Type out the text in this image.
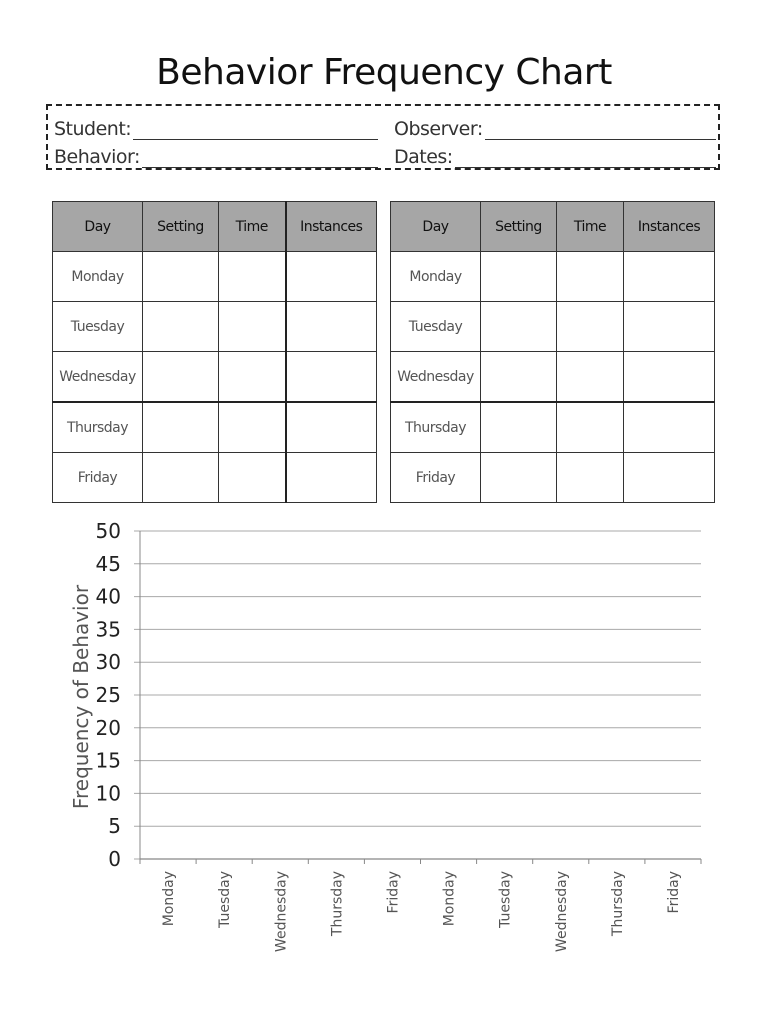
Behavior Frequency Chart
Student:	Observer:
Behavior:	Dates:
Day	Setting	Time	Instances
Monday			
Tuesday			
Wednesday			
Thursday			
Friday			
Day	Setting	Time	Instances
Monday			
Tuesday			
Wednesday			
Thursday			
Friday			
50
45
40
35
30
25
20
15
10
5
0
Monday	Tuesday	Wednesday	Thursday	Friday	Monday	Tuesday	Wednesday	Thursday	Friday
Frequency of Behavior
